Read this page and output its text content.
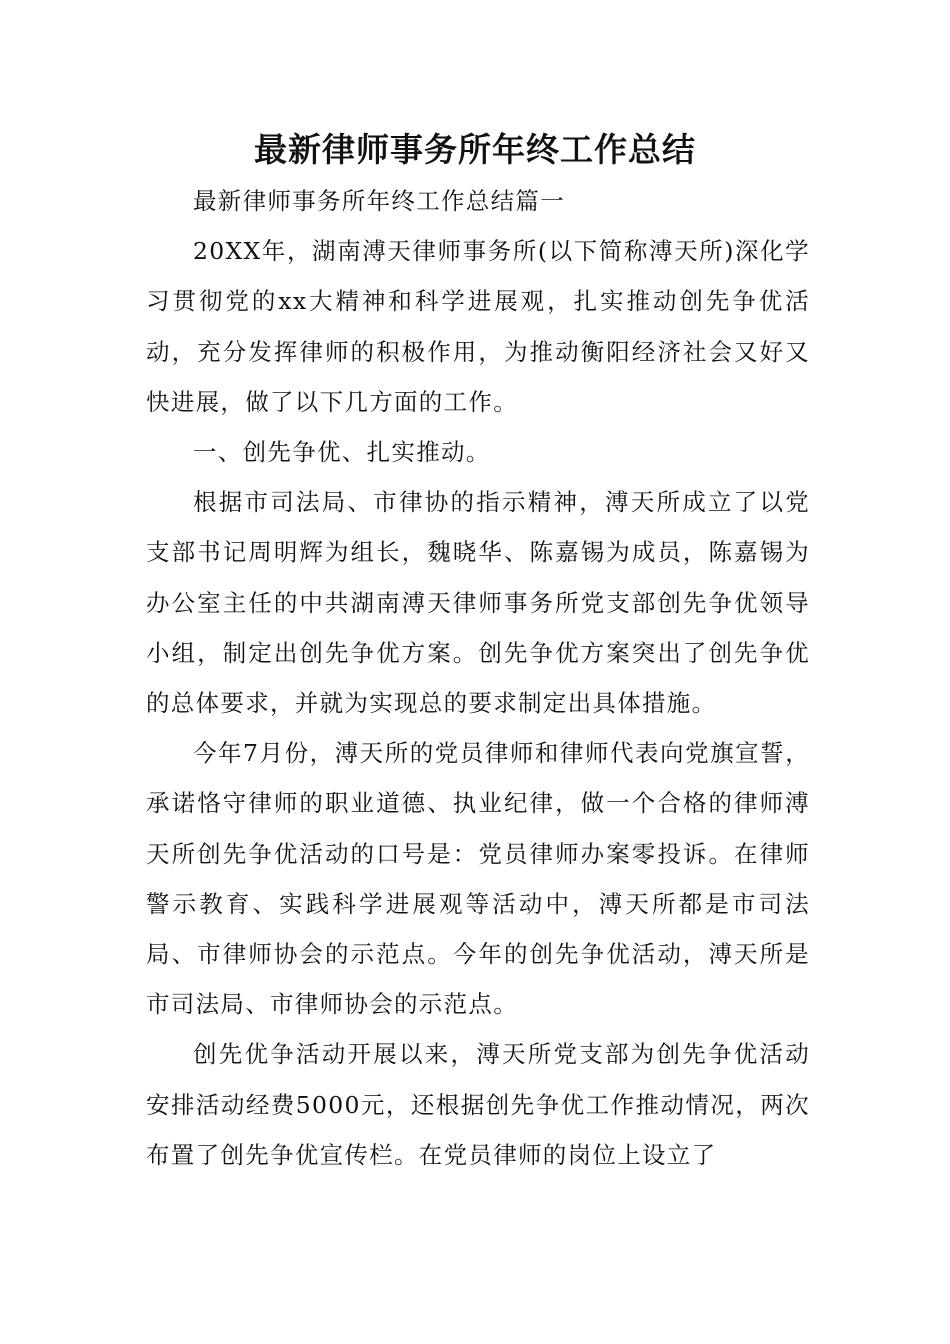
最新律师事务所年终工作总结

最新律师事务所年终工作总结篇一

20XX年，湖南溥天律师事务所(以下简称溥天所)深化学习贯彻党的xx大精神和科学进展观，扎实推动创先争优活动，充分发挥律师的积极作用，为推动衡阳经济社会又好又快进展，做了以下几方面的工作。

一、创先争优、扎实推动。

根据市司法局、市律协的指示精神，溥天所成立了以党支部书记周明辉为组长，魏晓华、陈嘉锡为成员，陈嘉锡为办公室主任的中共湖南溥天律师事务所党支部创先争优领导小组，制定出创先争优方案。创先争优方案突出了创先争优的总体要求，并就为实现总的要求制定出具体措施。

今年7月份，溥天所的党员律师和律师代表向党旗宣誓，承诺恪守律师的职业道德、执业纪律，做一个合格的律师溥天所创先争优活动的口号是：党员律师办案零投诉。在律师警示教育、实践科学进展观等活动中，溥天所都是市司法局、市律师协会的示范点。今年的创先争优活动，溥天所是市司法局、市律师协会的示范点。

创先优争活动开展以来，溥天所党支部为创先争优活动安排活动经费5000元，还根据创先争优工作推动情况，两次布置了创先争优宣传栏。在党员律师的岗位上设立了
